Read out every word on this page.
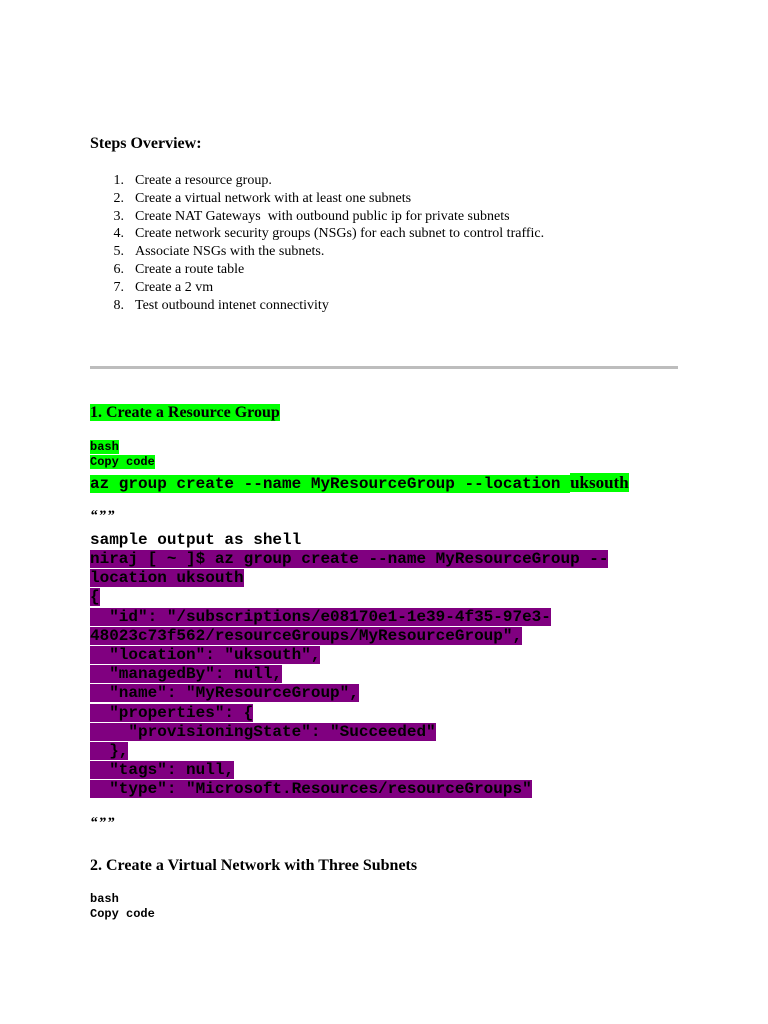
Steps Overview:
1. Create a resource group.
2. Create a virtual network with at least one subnets
3. Create NAT Gateways  with outbound public ip for private subnets
4. Create network security groups (NSGs) for each subnet to control traffic.
5. Associate NSGs with the subnets.
6. Create a route table
7. Create a 2 vm
8. Test outbound intenet connectivity
1. Create a Resource Group
bash
Copy code
az group create --name MyResourceGroup --location uksouth
“””
sample output as shell
niraj [ ~ ]$ az group create --name MyResourceGroup --
location uksouth
{
"id": "/subscriptions/e08170e1-1e39-4f35-97e3-
48023c73f562/resourceGroups/MyResourceGroup",
"location": "uksouth",
"managedBy": null,
"name": "MyResourceGroup",
"properties": {
"provisioningState": "Succeeded"
},
"tags": null,
"type": "Microsoft.Resources/resourceGroups"
“””
2. Create a Virtual Network with Three Subnets
bash
Copy code
